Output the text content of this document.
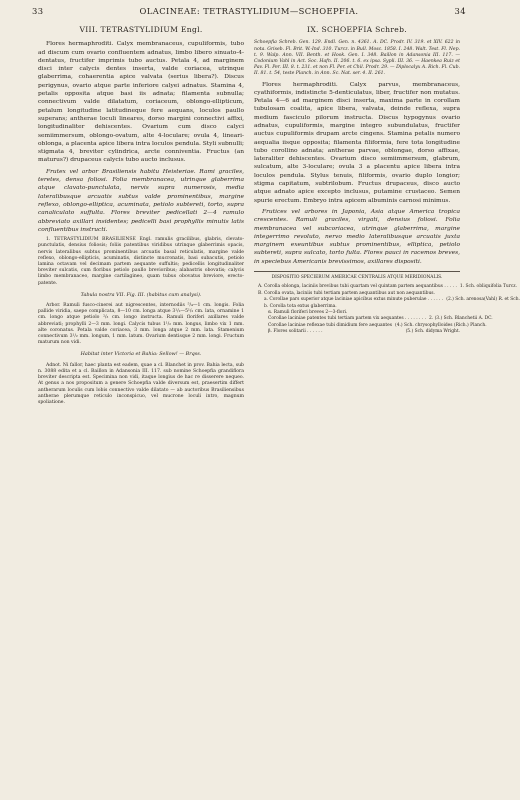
33	OLACINEAE: TETRASTYLIDIUM—SCHOEPFIA.	34
VIII. TETRASTYLIDIUM Engl.

Flores hermaphroditi. Calyx membranaceus, cupuliformis, tubo ad discum cum ovario confluentem adnatus, limbo libero sinuato-4-dentatus, fructifer imprimis tubo auctus. Petala 4, ad marginem disci inter calycis dentes inserta, valde coriacea, utrinque glaberrima, cohaerentia apice valvata (serius libera?). Discus perigynus, ovario atque parte inferiore calyei adnatus. Stamina 4, petalis opposita atque basi iis adnata; filamenta subnulla; connectivum valde dilatatum, coriaceum, oblongo-ellipticum, petalum longitudine latitudineque fere aequans, loculos paullo superans; antherae loculi lineares, dorso margini connectivi affixi, longitudinaliter dehiscentes. Ovarium cum disco calyci semiimmersum, oblongo-ovatum, alte 4-loculare; ovula 4, lineari-oblonga, a placenta apice libera intra loculos pendula. Styli subnulli; stigmata 4, breviter cylindrica, arcte conniventia. Fructus (an maturus?) drupaceus calycis tubo aucto inclusus.

Frutex vel arbor Brasiliensis habitu Heisteriae. Rami graciles, teretes, densa foliosi. Folia membranacea, utrinque glaberrima atque clavato-punctulata, nervis supra numerosis, media lateralibusque arcuatis subtus valde prominentibus, margine reflexo, oblongo-elliptica, acuminata, petiolo subtereti, torto, supra canaliculato suffulta. Flores breviter pedicellati 2—4 ramulo abbreviato axillari insidentes; pedicelli basi prophyllis minutis latis confluentibus instructi.

1. TETRASTYLIDIUM BRASILIENSE Engl. ramulis gracilibus, glabris, clevato-punctulatis, densius foliosis; foliis patentibus viridibus utrinque glaberrimis opacis, nervis lateralibus subtus prominentibus arcuatis basal reticulatis, margine valde reflexo, oblongo-ellipticis, acuminatis, distincte mucronatis, basi subacutis, petiolo lamina octavam vel decimam partem aequante suffultis; pedicellis longitudinaliter breviter sulcatis, cum floribus petiolo paullo brevioribus; alabastris obovatis; calycis limbo membranaceo, margine cartilagineo, quam tubus obovatus breviore, erecto-patente.

Tabula nostra VII. Fig. III. (habitus cum analysi).

Arbor. Ramuli fusco-cinerei aut nigrescentes, internodiis ⁵/₄—1 cm. longis. Folia pallide viridia, saepe complicata, 8—10 cm. longa atque 3¹/₂—5¹/₂ cm. lata, ornamine 1 cm. longo atque petiolo ²/₃ cm. longo instructa. Ramuli floriferi axillares valde abbreviati; prophylli 2—3 mm. longi. Calycis tubus 1¹/₂ mm. longus, limbo vix 1 mm. alte coronatus. Petala valde coriacea, 3 mm. longa atque 2 mm. lata. Stamenium connectivum 3¹/₂ mm. longum, 1 mm. latum. Ovarium dentisque 2 mm. longi. Fructum maturum non vidi.

Habitat inter Victoria et Bahia: Sellow! — Brqss.

Adnot. Ni fallor, haec planta est eadem, quae a cl. Blanchet in prov. Bahia lecta, sub n. 3088 edita et a cl. Baillon in Adansonia III. 117. sub nomine Schoepfia grandiflora breviter descripta est. Specimina non vidi, itaque longius de hac re disserere nequeo. At genus a nos propositum a genere Schoepfia valde diversum est, praesertim differt antherarum loculis cum lobis connectivo valde dilatato — ab auctoribus Brasiliensibus antherae plerumque reticulo inconspicuo, vel mucrone loculi intro, magnum spoliatione.

IX. SCHOEPFIA Schreb.

Schoepfia Schreb. Gen. 129. Endl. Gen. n. 4361. A. DC. Prodr. IV. 319. et XIV. 622 in nota. Griseb. Fl. Brit. W.-Ind. 310. Turcz. in Bull. Mosc. 1858. I. 248. Walt. Test. Fl. Nep. t. 9. Walp. Ann. VII. Benth. et Hook. Gen. I. 348. Baillon in Adansonia III. 117. — Codonium Vahl in Act. Soc. Hafn. II. 206. t. 6. ex ipsa. Sypli. III. 36. — Haenkea Ruiz et Pav. Fl. Per. III. 8. t. 231. et non Fl. Per. et Chil. Prodr. 29. — Diplocalyx A. Rich. Fl. Cub. II. 81. t. 54, teste Planch. in Ann. Sc. Nat. ser. 4. II. 261.

Flores hermaphroditi. Calyx parvus, membranaceus, cyathiformis, indistincte 5-denticulatus, liber, fructifer non mutatus. Petala 4—6 ad marginem disci inserta, maxima parte in corollam tubulosam coalita, apice libera, valvata, deinde reflexa, supra medium fasciculo pilorum instructa. Discus hypogynus ovario adnatus, cupuliformis, margine integro subundulatus, fructifer auctus cupuliformis drupam arcte cingens. Stamina petalis numero aequalia iisque opposita; filamenta filiformia, fere tota longitudine tubo corollino adnata; antherae parvae, oblongae, dorso affixae, lateraliter dehiscentes. Ovarium disco semiimmersum, glabrum, sulcatum, alte 3-loculare; ovula 3 a placentu apice libera intra loculos pendula. Stylus tenuis, filiformis, ovario duplo longior; stigma capitatum, subtrilobum. Fructus drupaceus, disco aucto atque adnato apice excepto inclusus, putamine crustaceo. Semen spurie erectum. Embryo intra apicem albuminis carnosi minimus.

Frutices vel arbores in Japonia, Asia atque America tropica crescentes. Ramuli graciles, virgati, densius foliosi. Folia membranacea vel subcoriacea, utrinque glaberrima, margine integerrimo revoluto, nervo medio lateralibusque arcuatis juxta marginem exeuntibus subtus prominentibus, elliptica, petiolo subtereti, supra sulcato, torto fulta. Flores pauci in racemos breves, in speciebus Americanis brevissimos, axillares dispositi.

DISPOSITIO SPECIERUM AMERICAE CENTRALIS ATQUE MERIDIONALIS.
A. Corolla oblonga, laciniis brevibus tubi quartam vel quintam partem aequantibus . . . . . 1. Sch. obliquifolia Turcz.
B. Corolla ovata, laciniis tubi tertiam partem aequantibus aut non aequantibus.
a. Corollae pars superior atque laciniae apicibus extus minute puberulae . . . . . . (2.) Sch. arenosa(Vahl) R. et Sch.
b. Corolla tota extus glaberrima.
α. Ramuli floriferi breves 2—3-flori.
Corollae laciniae patentes tubi tertiam partem vix aequantes . . . . . . . . 2. (3.) Sch. Blanchetii A. DC.
Corollae laciniae reflexae tubi dimidium fere aequantes (4.) Sch. chrysophylloides (Rich.) Planch.
β. Flores solitarii . . . . . .	(5.) Sch. didyma Wright.
